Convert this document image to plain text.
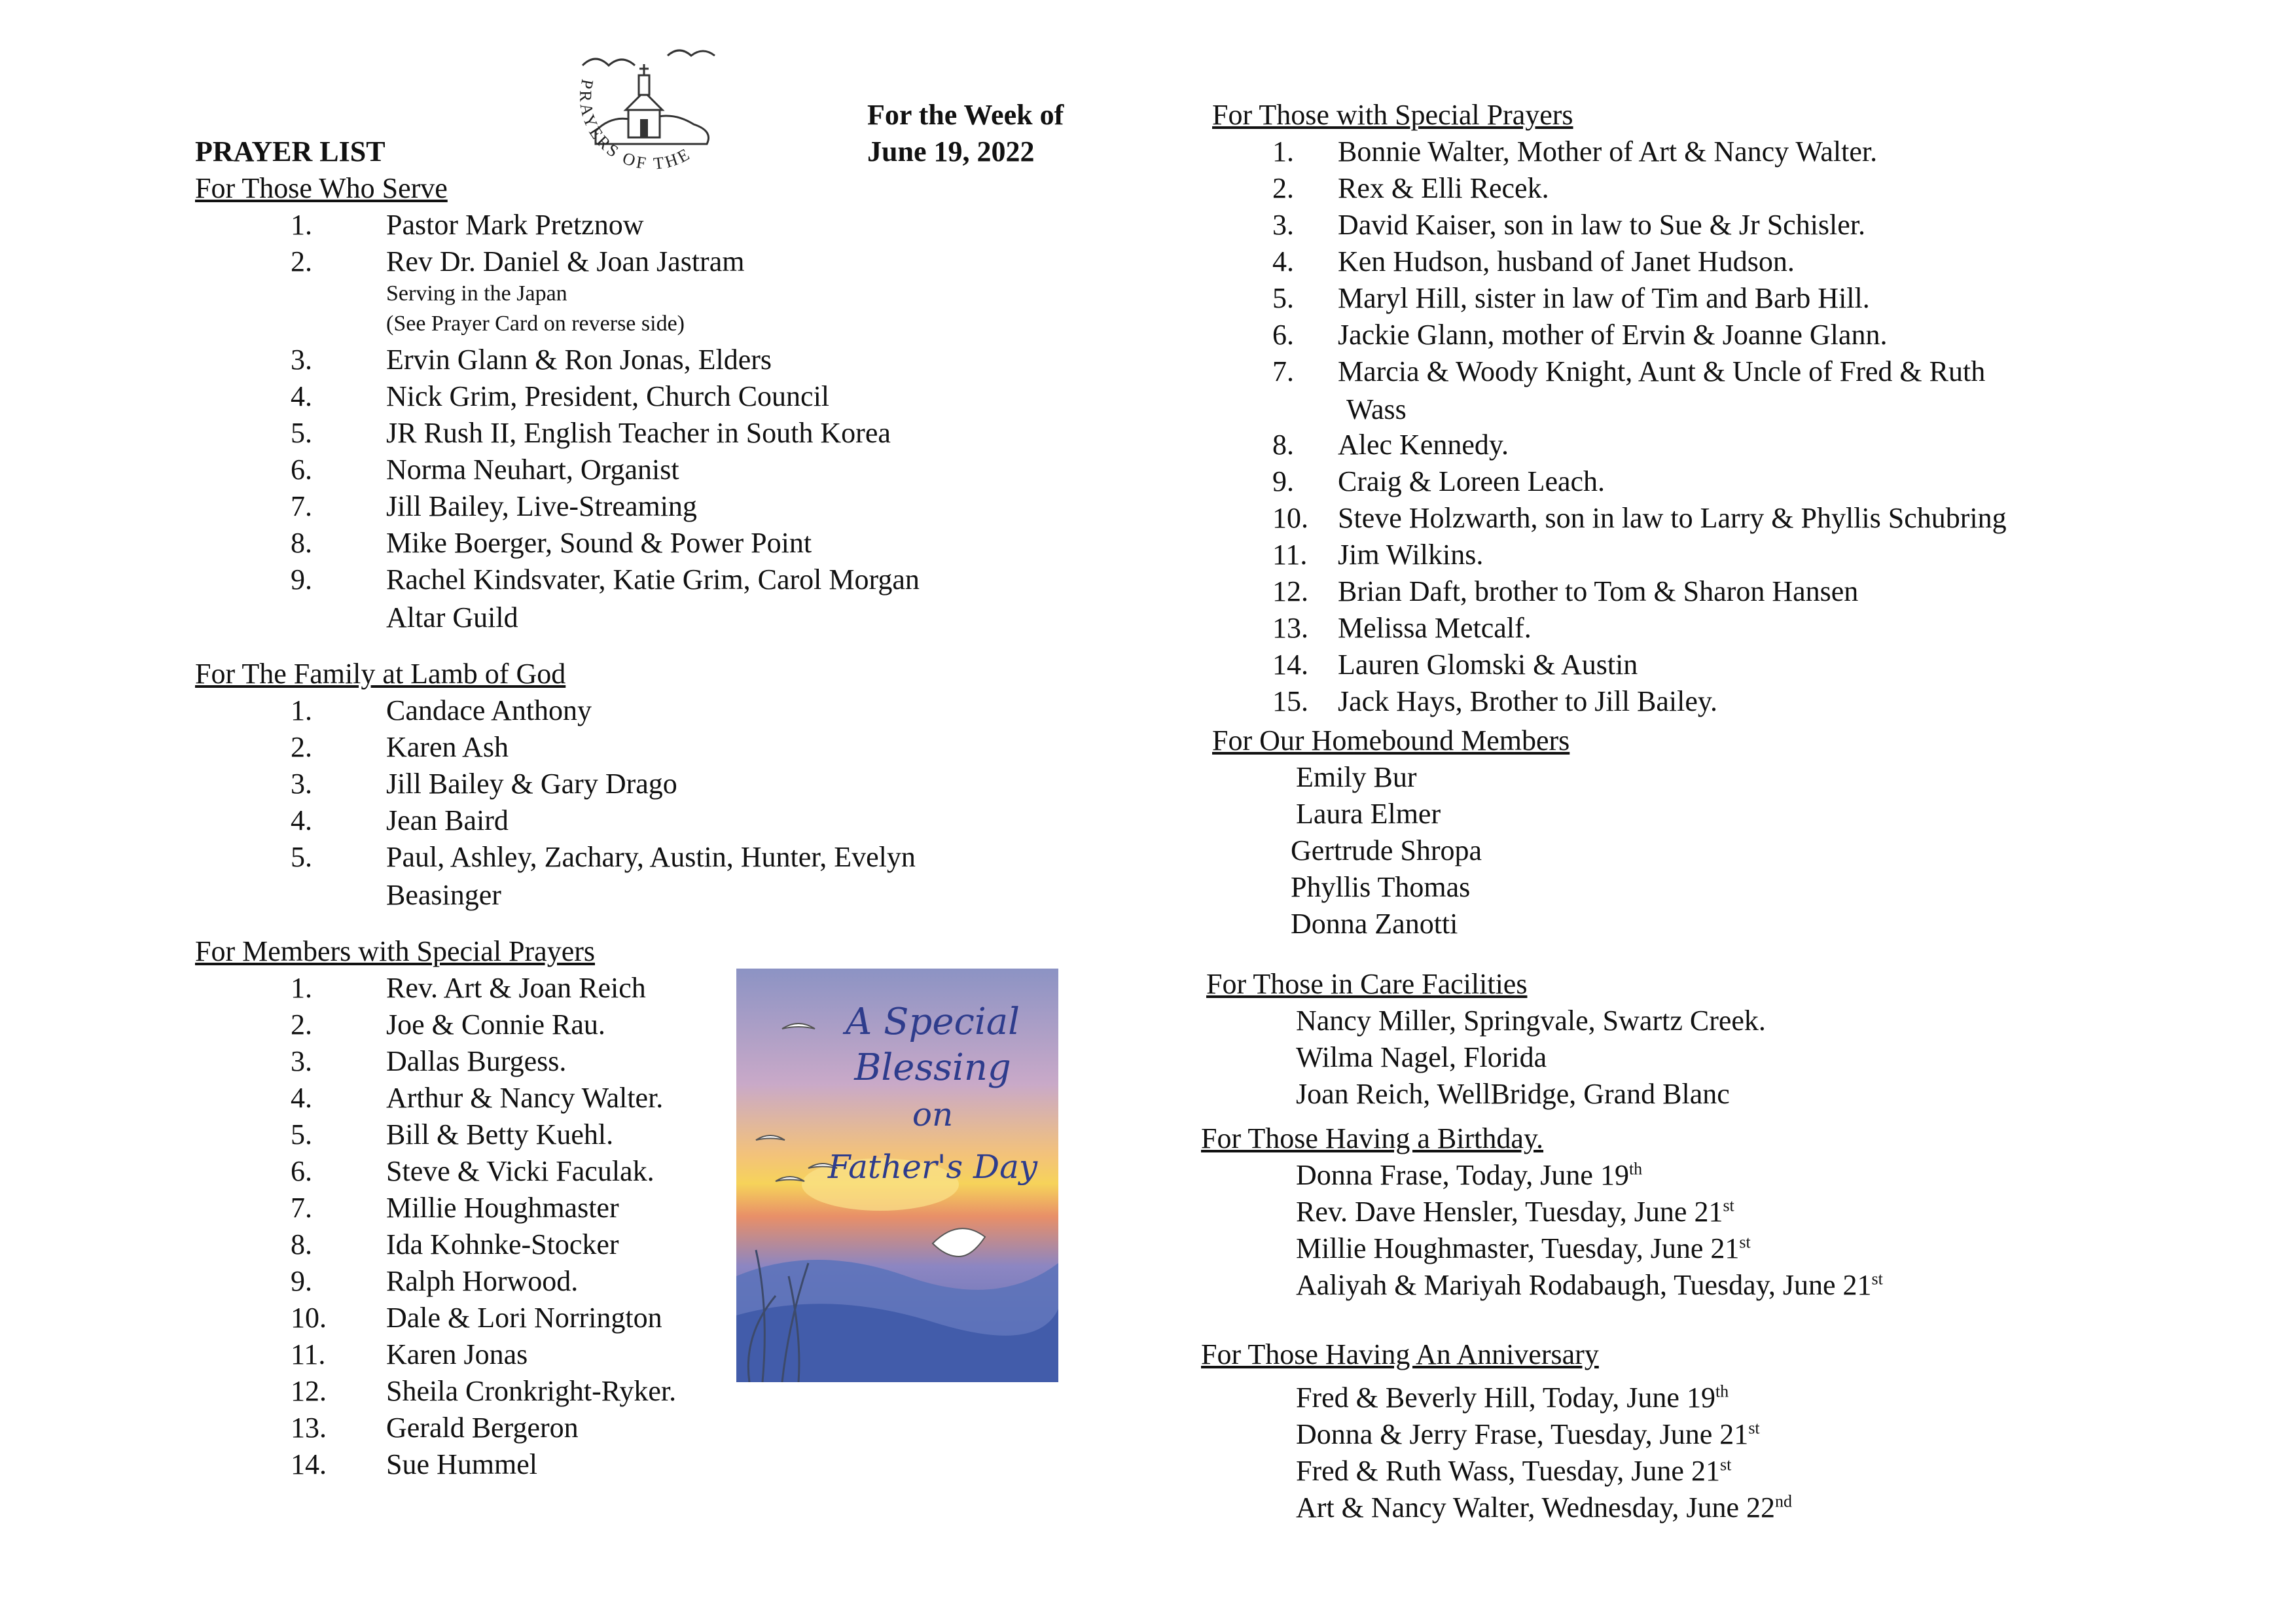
PRAYERS OF THE
PRAYER LIST
For the Week of
June 19, 2022
For Those Who Serve
1.	Pastor Mark Pretznow
2.	Rev Dr. Daniel & Joan Jastram
3.	Ervin Glann & Ron Jonas, Elders
4.	Nick Grim, President, Church Council
5.	JR Rush II, English Teacher in South Korea
6.	Norma Neuhart, Organist
7.	Jill Bailey, Live-Streaming
8.	Mike Boerger, Sound & Power Point
9.	Rachel Kindsvater, Katie Grim, Carol Morgan
Serving in the Japan
(See Prayer Card on reverse side)
Altar Guild
For The Family at Lamb of God
1.	Candace Anthony
2.	Karen Ash
3.	Jill Bailey & Gary Drago
4.	Jean Baird
5.	Paul, Ashley, Zachary, Austin, Hunter, Evelyn
Beasinger
For Members with Special Prayers
1.	Rev. Art & Joan Reich
2.	Joe & Connie Rau.
3.	Dallas Burgess.
4.	Arthur & Nancy Walter.
5.	Bill & Betty Kuehl.
6.	Steve & Vicki Faculak.
7.	Millie Houghmaster
8.	Ida Kohnke-Stocker
9.	Ralph Horwood.
10. Dale & Lori Norrington
11. Karen Jonas
12. Sheila Cronkright-Ryker.
13. Gerald Bergeron
14. Sue Hummel
A Special
Blessing
on
Father's Day
For Those with Special Prayers
1. Bonnie Walter, Mother of Art & Nancy Walter.
2. Rex & Elli Recek.
3. David Kaiser, son in law to Sue & Jr Schisler.
4. Ken Hudson, husband of Janet Hudson.
5. Maryl Hill, sister in law of Tim and Barb Hill.
6. Jackie Glann, mother of Ervin & Joanne Glann.
7. Marcia & Woody Knight, Aunt & Uncle of Fred & Ruth
8. Alec Kennedy.
9. Craig & Loreen Leach.
10. Steve Holzwarth, son in law to Larry & Phyllis Schubring
11. Jim Wilkins.
12. Brian Daft, brother to Tom & Sharon Hansen
13. Melissa Metcalf.
14. Lauren Glomski & Austin
15. Jack Hays, Brother to Jill Bailey.
Wass
For Our Homebound Members
Emily Bur
Laura Elmer
Gertrude Shropa
Phyllis Thomas
Donna Zanotti
For Those in Care Facilities
Nancy Miller, Springvale, Swartz Creek.
Wilma Nagel, Florida
Joan Reich, WellBridge, Grand Blanc
For Those Having a Birthday.
Donna Frase, Today, June 19th
Rev. Dave Hensler, Tuesday, June 21st
Millie Houghmaster, Tuesday, June 21st
Aaliyah & Mariyah Rodabaugh, Tuesday, June 21st
For Those Having An Anniversary
Fred & Beverly Hill, Today, June 19th
Donna & Jerry Frase, Tuesday, June 21st
Fred & Ruth Wass, Tuesday, June 21st
Art & Nancy Walter, Wednesday, June 22nd
